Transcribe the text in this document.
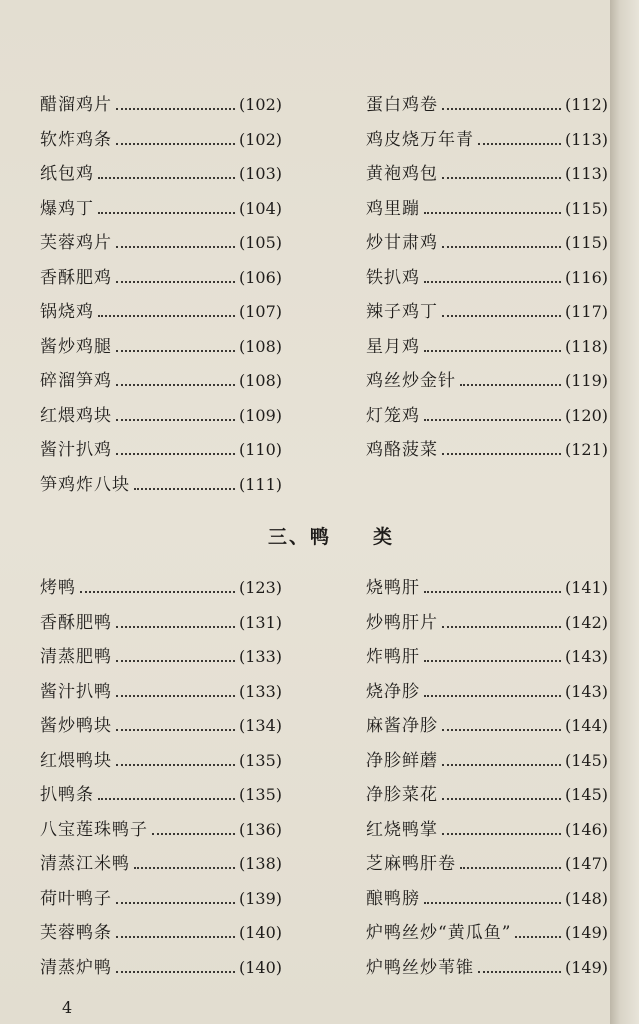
醋溜鸡片	(102)
软炸鸡条	(102)
纸包鸡	(103)
爆鸡丁	(104)
芙蓉鸡片	(105)
香酥肥鸡	(106)
锅烧鸡	(107)
酱炒鸡腿	(108)
碎溜笋鸡	(108)
红煨鸡块	(109)
酱汁扒鸡	(110)
笋鸡炸八块	(111)
蛋白鸡卷	(112)
鸡皮烧万年青	(113)
黄袍鸡包	(113)
鸡里蹦	(115)
炒甘肃鸡	(115)
铁扒鸡	(116)
辣子鸡丁	(117)
星月鸡	(118)
鸡丝炒金针	(119)
灯笼鸡	(120)
鸡酪菠菜	(121)
三、鸭　　类
烤鸭	(123)
香酥肥鸭	(131)
清蒸肥鸭	(133)
酱汁扒鸭	(133)
酱炒鸭块	(134)
红煨鸭块	(135)
扒鸭条	(135)
八宝莲珠鸭子	(136)
清蒸江米鸭	(138)
荷叶鸭子	(139)
芙蓉鸭条	(140)
清蒸炉鸭	(140)
烧鸭肝	(141)
炒鸭肝片	(142)
炸鸭肝	(143)
烧净胗	(143)
麻酱净胗	(144)
净胗鲜蘑	(145)
净胗菜花	(145)
红烧鸭掌	(146)
芝麻鸭肝卷	(147)
酿鸭膀	(148)
炉鸭丝炒“黄瓜鱼”	(149)
炉鸭丝炒苇锥	(149)
4
